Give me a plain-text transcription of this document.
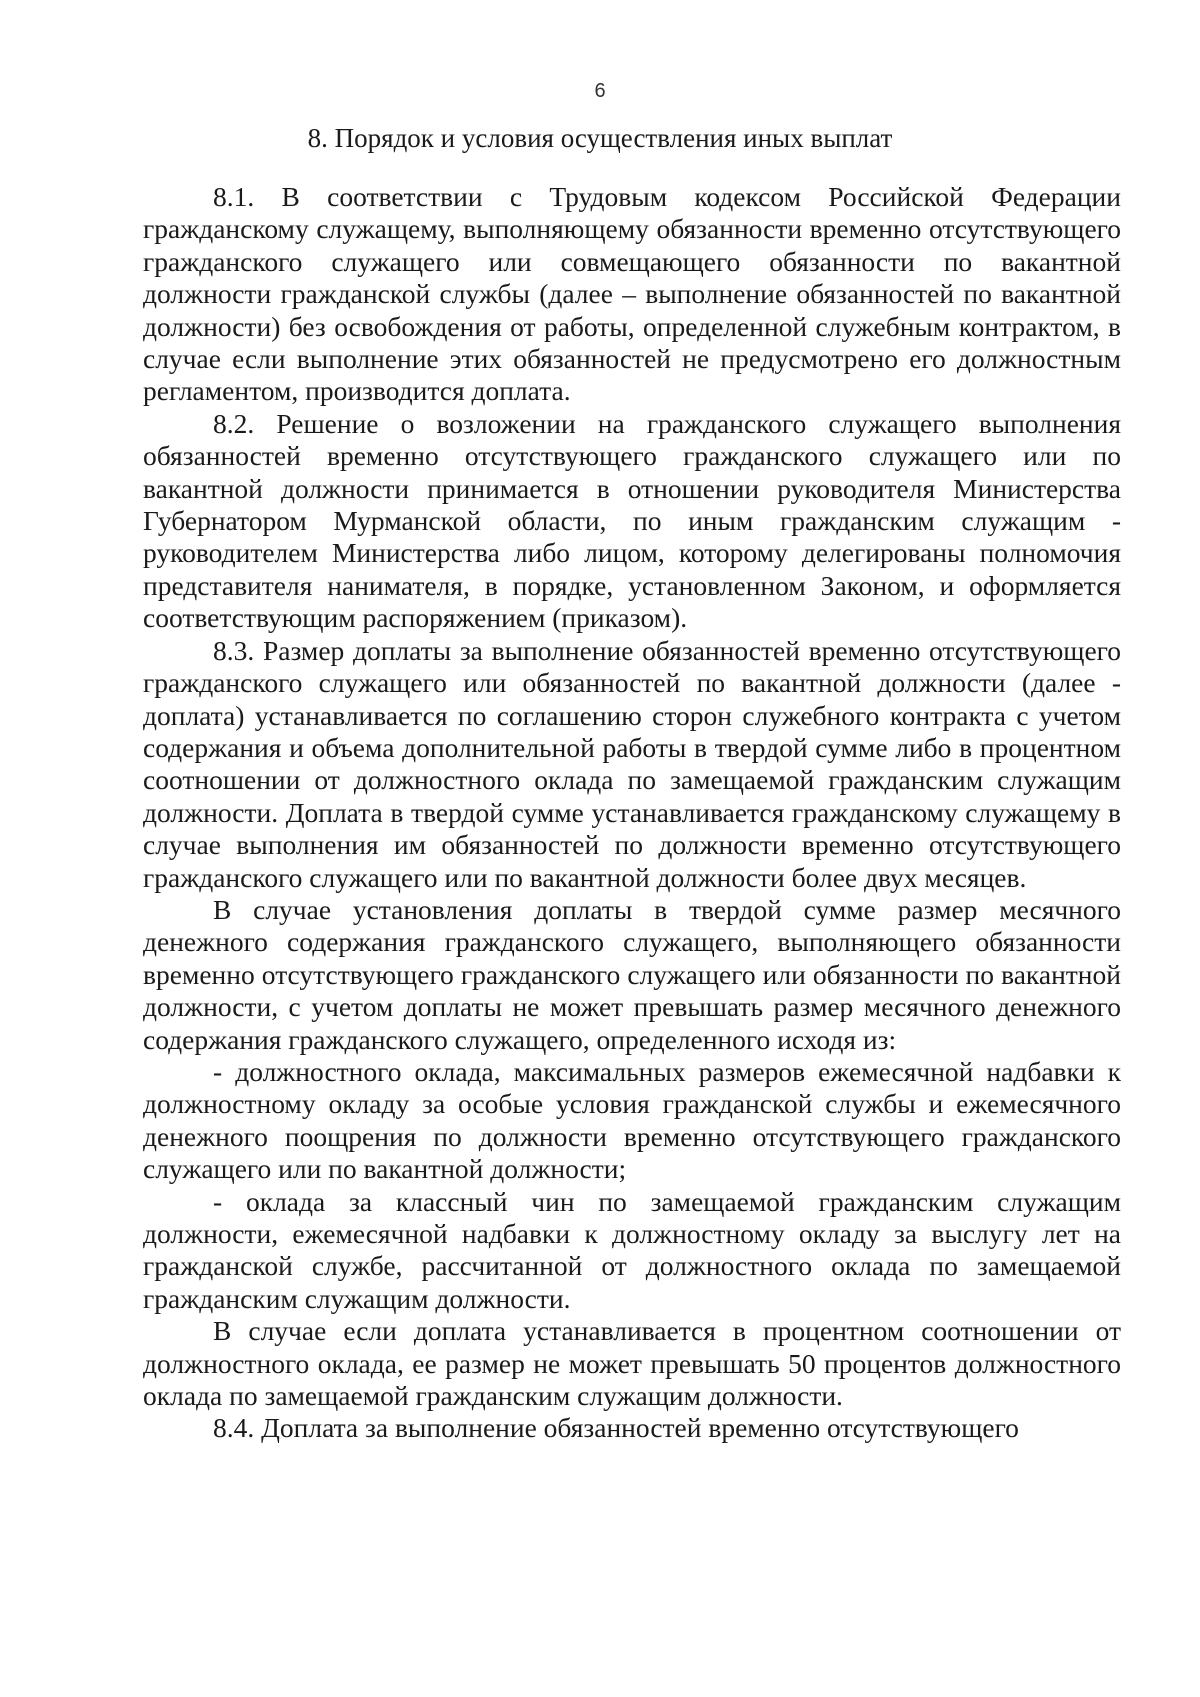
6
8. Порядок и условия осуществления иных выплат

8.1. В соответствии с Трудовым кодексом Российской Федерации гражданскому служащему, выполняющему обязанности временно отсутствующего гражданского служащего или совмещающего обязанности по вакантной должности гражданской службы (далее – выполнение обязанностей по вакантной должности) без освобождения от работы, определенной служебным контрактом, в случае если выполнение этих обязанностей не предусмотрено его должностным регламентом, производится доплата.

8.2. Решение о возложении на гражданского служащего выполнения обязанностей временно отсутствующего гражданского служащего или по вакантной должности принимается в отношении руководителя Министерства Губернатором Мурманской области, по иным гражданским служащим - руководителем Министерства либо лицом, которому делегированы полномочия представителя нанимателя, в порядке, установленном Законом, и оформляется соответствующим распоряжением (приказом).

8.3. Размер доплаты за выполнение обязанностей временно отсутствующего гражданского служащего или обязанностей по вакантной должности (далее - доплата) устанавливается по соглашению сторон служебного контракта с учетом содержания и объема дополнительной работы в твердой сумме либо в процентном соотношении от должностного оклада по замещаемой гражданским служащим должности. Доплата в твердой сумме устанавливается гражданскому служащему в случае выполнения им обязанностей по должности временно отсутствующего гражданского служащего или по вакантной должности более двух месяцев.

В случае установления доплаты в твердой сумме размер месячного денежного содержания гражданского служащего, выполняющего обязанности временно отсутствующего гражданского служащего или обязанности по вакантной должности, с учетом доплаты не может превышать размер месячного денежного содержания гражданского служащего, определенного исходя из:

- должностного оклада, максимальных размеров ежемесячной надбавки к должностному окладу за особые условия гражданской службы и ежемесячного денежного поощрения по должности временно отсутствующего гражданского служащего или по вакантной должности;

- оклада за классный чин по замещаемой гражданским служащим должности, ежемесячной надбавки к должностному окладу за выслугу лет на гражданской службе, рассчитанной от должностного оклада по замещаемой гражданским служащим должности.

В случае если доплата устанавливается в процентном соотношении от должностного оклада, ее размер не может превышать 50 процентов должностного оклада по замещаемой гражданским служащим должности.

8.4. Доплата за выполнение обязанностей временно отсутствующего
